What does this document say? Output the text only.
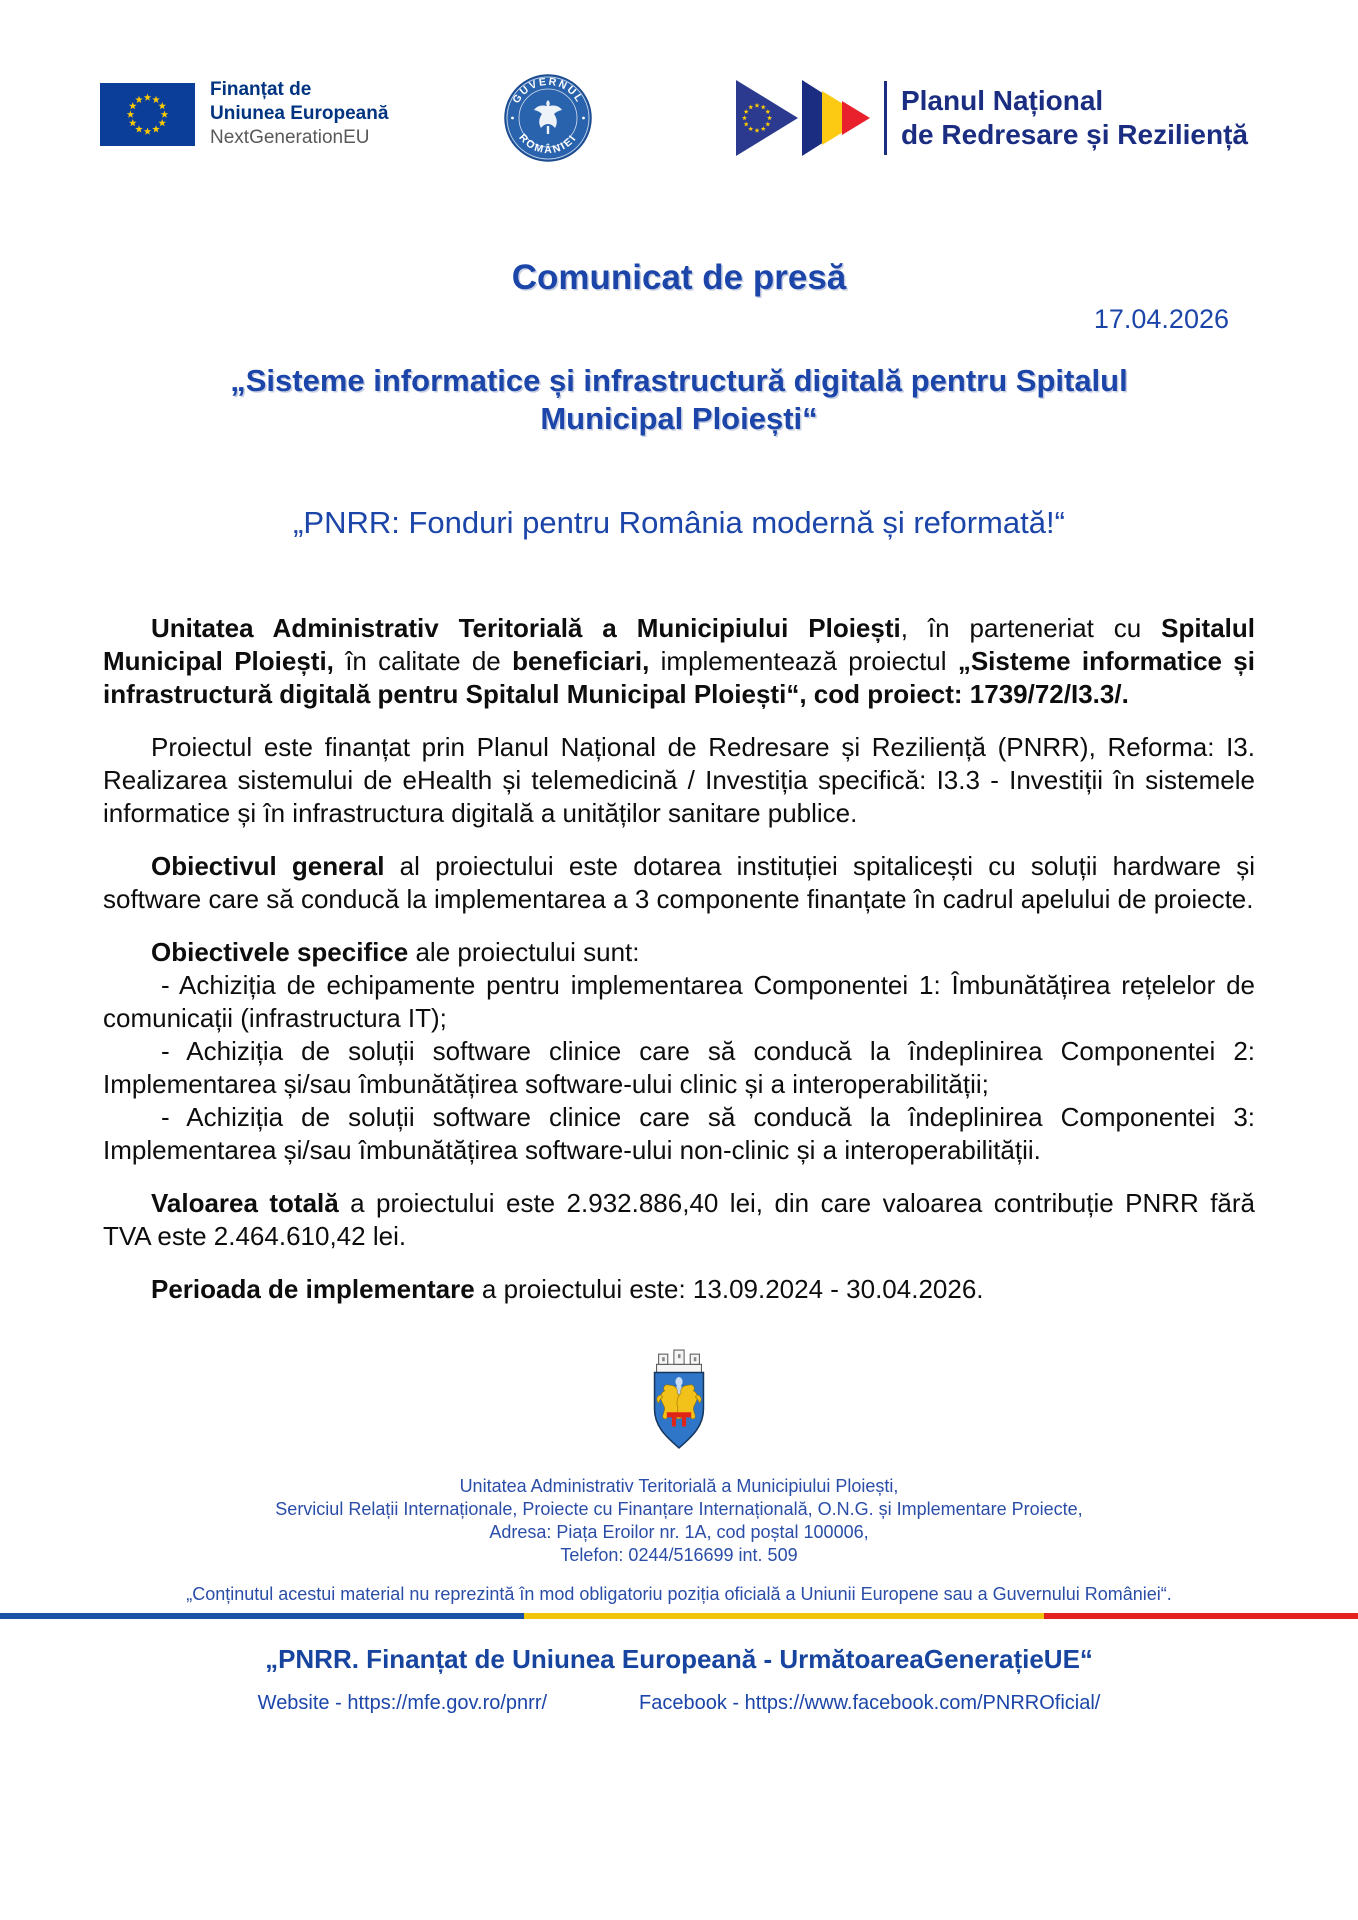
Finanțat de
Uniunea Europeană
NextGenerationEU
GUVERNUL
ROMÂNIEI
Planul Național
de Redresare și Reziliență
Comunicat de presă
17.04.2026
„Sisteme informatice și infrastructură digitală pentru Spitalul Municipal Ploiești“
„PNRR: Fonduri pentru România modernă și reformată!“

Unitatea Administrativ Teritorială a Municipiului Ploiești, în parteneriat cu Spitalul Municipal Ploiești, în calitate de beneficiari, implementează proiectul „Sisteme informatice și infrastructură digitală pentru Spitalul Municipal Ploiești“, cod proiect: 1739/72/I3.3/.

Proiectul este finanțat prin Planul Național de Redresare și Reziliență (PNRR), Reforma: I3. Realizarea sistemului de eHealth și telemedicină / Investiția specifică: I3.3 - Investiții în sistemele informatice și în infrastructura digitală a unităților sanitare publice.

Obiectivul general al proiectului este dotarea instituției spitalicești cu soluții hardware și software care să conducă la implementarea a 3 componente finanțate în cadrul apelului de proiecte.

Obiectivele specifice ale proiectului sunt:

- Achiziția de echipamente pentru implementarea Componentei 1: Îmbunătățirea rețelelor de comunicații (infrastructura IT);

- Achiziția de soluții software clinice care să conducă la îndeplinirea Componentei 2: Implementarea și/sau îmbunătățirea software-ului clinic și a interoperabilității;

- Achiziția de soluții software clinice care să conducă la îndeplinirea Componentei 3: Implementarea și/sau îmbunătățirea software-ului non-clinic și a interoperabilității.

Valoarea totală a proiectului este 2.932.886,40 lei, din care valoarea contribuție PNRR fără TVA este 2.464.610,42 lei.

Perioada de implementare a proiectului este: 13.09.2024 - 30.04.2026.

Unitatea Administrativ Teritorială a Municipiului Ploiești,
Serviciul Relații Internaționale, Proiecte cu Finanțare Internațională, O.N.G. și Implementare Proiecte,
Adresa: Piața Eroilor nr. 1A, cod poștal 100006,
Telefon: 0244/516699 int. 509
„Conținutul acestui material nu reprezintă în mod obligatoriu poziția oficială a Uniunii Europene sau a Guvernului României“.
„PNRR. Finanțat de Uniunea Europeană - UrmătoareaGenerațieUE“
Website - https://mfe.gov.ro/pnrr/	Facebook - https://www.facebook.com/PNRROficial/
